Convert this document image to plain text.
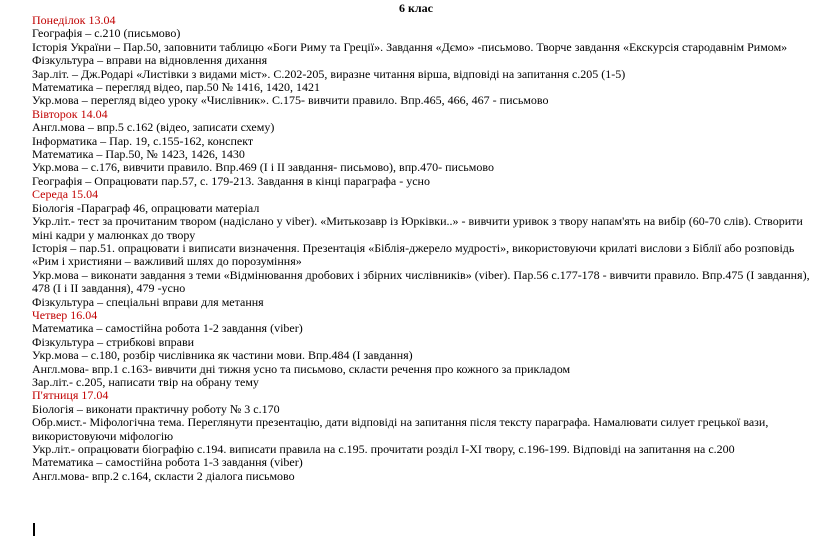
6 клас
Понеділок 13.04
Географія – с.210 (письмово)
Історія України – Пар.50, заповнити таблицю «Боги Риму та Греції». Завдання «Дємо» -письмово. Творче завдання «Екскурсія стародавнім Римом»
Фізкультура – вправи на відновлення дихання
Зар.літ. – Дж.Родарі «Листівки з видами міст». С.202-205, виразне читання вірша, відповіді на запитання с.205 (1-5)
Математика – перегляд відео, пар.50 № 1416, 1420, 1421
Укр.мова – перегляд відео уроку «Числівник». С.175- вивчити правило. Впр.465, 466, 467 - письмово
Вівторок 14.04
Англ.мова – впр.5 с.162 (відео, записати схему)
Інформатика – Пар. 19, с.155-162, конспект
Математика – Пар.50, № 1423, 1426, 1430
Укр.мова – с.176, вивчити правило. Впр.469 (І і ІІ завдання- письмово), впр.470- письмово
Географія – Опрацювати пар.57, с. 179-213. Завдання в кінці параграфа - усно
Середа 15.04
Біологія -Параграф 46, опрацювати матеріал
Укр.літ.- тест за прочитаним твором (надіслано у viber). «Митькозавр із Юрківки..» - вивчити уривок з твору напам'ять на вибір (60-70 слів). Створити міні кадри у малюнках до твору
Історія – пар.51. опрацювати і виписати визначення. Презентація «Біблія-джерело мудрості», використовуючи крилаті вислови з Біблії або розповідь «Рим і християни – важливий шлях до порозуміння»
Укр.мова – виконати завдання з теми «Відмінювання дробових і збірних числівників» (viber). Пар.56 с.177-178 - вивчити правило. Впр.475 (І завдання), 478 (І і ІІ завдання), 479 -усно
Фізкультура – спеціальні вправи для метання
Четвер 16.04
Математика – самостійна робота 1-2 завдання (viber)
Фізкультура – стрибкові вправи
Укр.мова – с.180, розбір числівника як частини мови. Впр.484 (І завдання)
Англ.мова- впр.1 с.163- вивчити дні тижня усно та письмово, скласти речення про кожного за прикладом
Зар.літ.- с.205, написати твір на обрану тему
П'ятниця 17.04
Біологія – виконати практичну роботу № 3 с.170
Обр.мист.- Міфологічна тема. Переглянути презентацію, дати відповіді на запитання після тексту параграфа. Намалювати силует грецької вази, використовуючи міфологію
Укр.літ.- опрацювати біографію с.194. виписати правила на с.195. прочитати розділ І-ХІ твору, с.196-199. Відповіді на запитання на с.200
Математика – самостійна робота 1-3 завдання (viber)
Англ.мова- впр.2 с.164, скласти 2 діалога письмово
